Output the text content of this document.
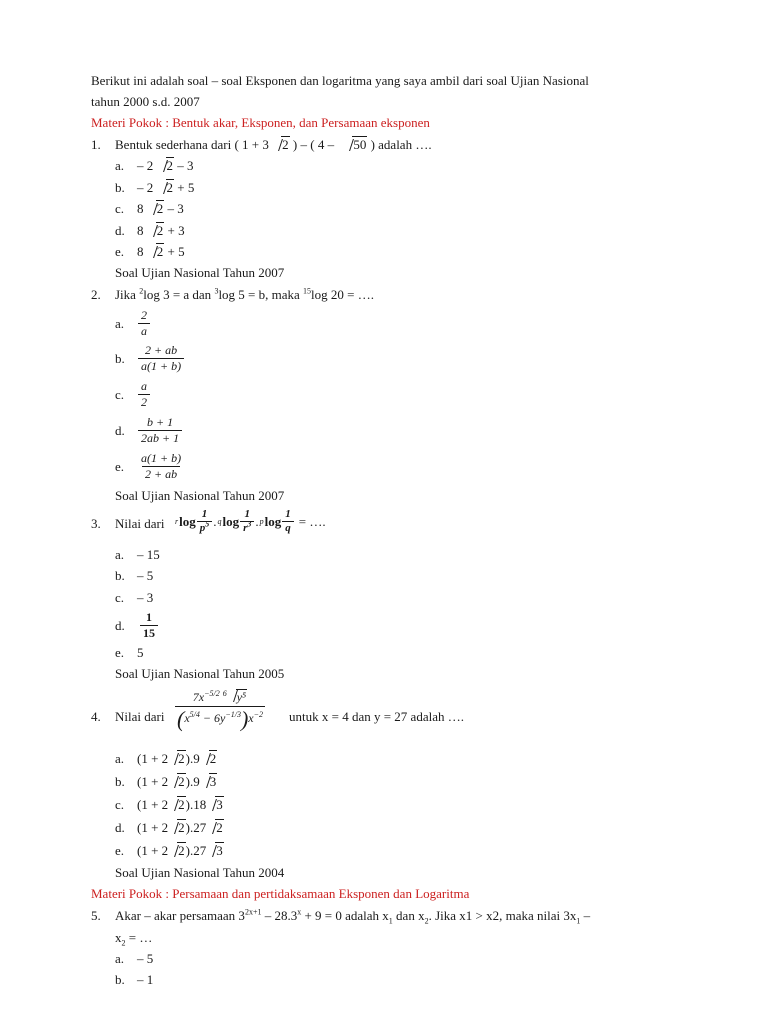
Berikut ini adalah soal – soal Eksponen dan logaritma yang saya ambil dari soal Ujian Nasional
tahun 2000 s.d. 2007
Materi Pokok : Bentuk akar, Eksponen, dan Persamaan eksponen
1. Bentuk sederhana dari ( 1 + 3 2 ) – ( 4 – 50 ) adalah ….
a. – 2 2 – 3
b. – 2 2 + 5
c. 8 2 – 3
d. 8 2 + 3
e. 8 2 + 5
Soal Ujian Nasional Tahun 2007
2. Jika $^2$log 3 = a dan $^3$log 5 = b, maka $^{15}$log 20 = ….
a. $\frac{2}{a}$
b. $\frac{2 + ab}{a(1 + b)}$
c. $\frac{a}{2}$
d. $\frac{b + 1}{2ab + 1}$
e. $\frac{a(1 + b)}{2 + ab}$
Soal Ujian Nasional Tahun 2007
3. Nilai dari r $\log \frac{1}{p^5}$ . q $\log \frac{1}{r^3}$ . p $\log \frac{1}{q}$ = ….
a. – 15
b. – 5
c. – 3
d. $\frac{1}{15}$
e. 5
Soal Ujian Nasional Tahun 2005
4. Nilai dari $\frac{7x^{-5/2} ^6 y^5}{(x^{5/4} - 6y^{-1/3})x^{-2}}$ untuk x = 4 dan y = 27 adalah ….
a. (1 + 2 2).9 2
b. (1 + 2 2).9 3
c. (1 + 2 2).18 3
d. (1 + 2 2).27 2
e. (1 + 2 2).27 3
Soal Ujian Nasional Tahun 2004
Materi Pokok : Persamaan dan pertidaksamaan Eksponen dan Logaritma
5. Akar – akar persamaan $3^{2x+1} - 28.3^x + 9 = 0$ adalah $x_1$ dan $x_2$. Jika x1 > x2, maka nilai $3x_1$ –
$x_2$ = …
a. – 5
b. – 1
